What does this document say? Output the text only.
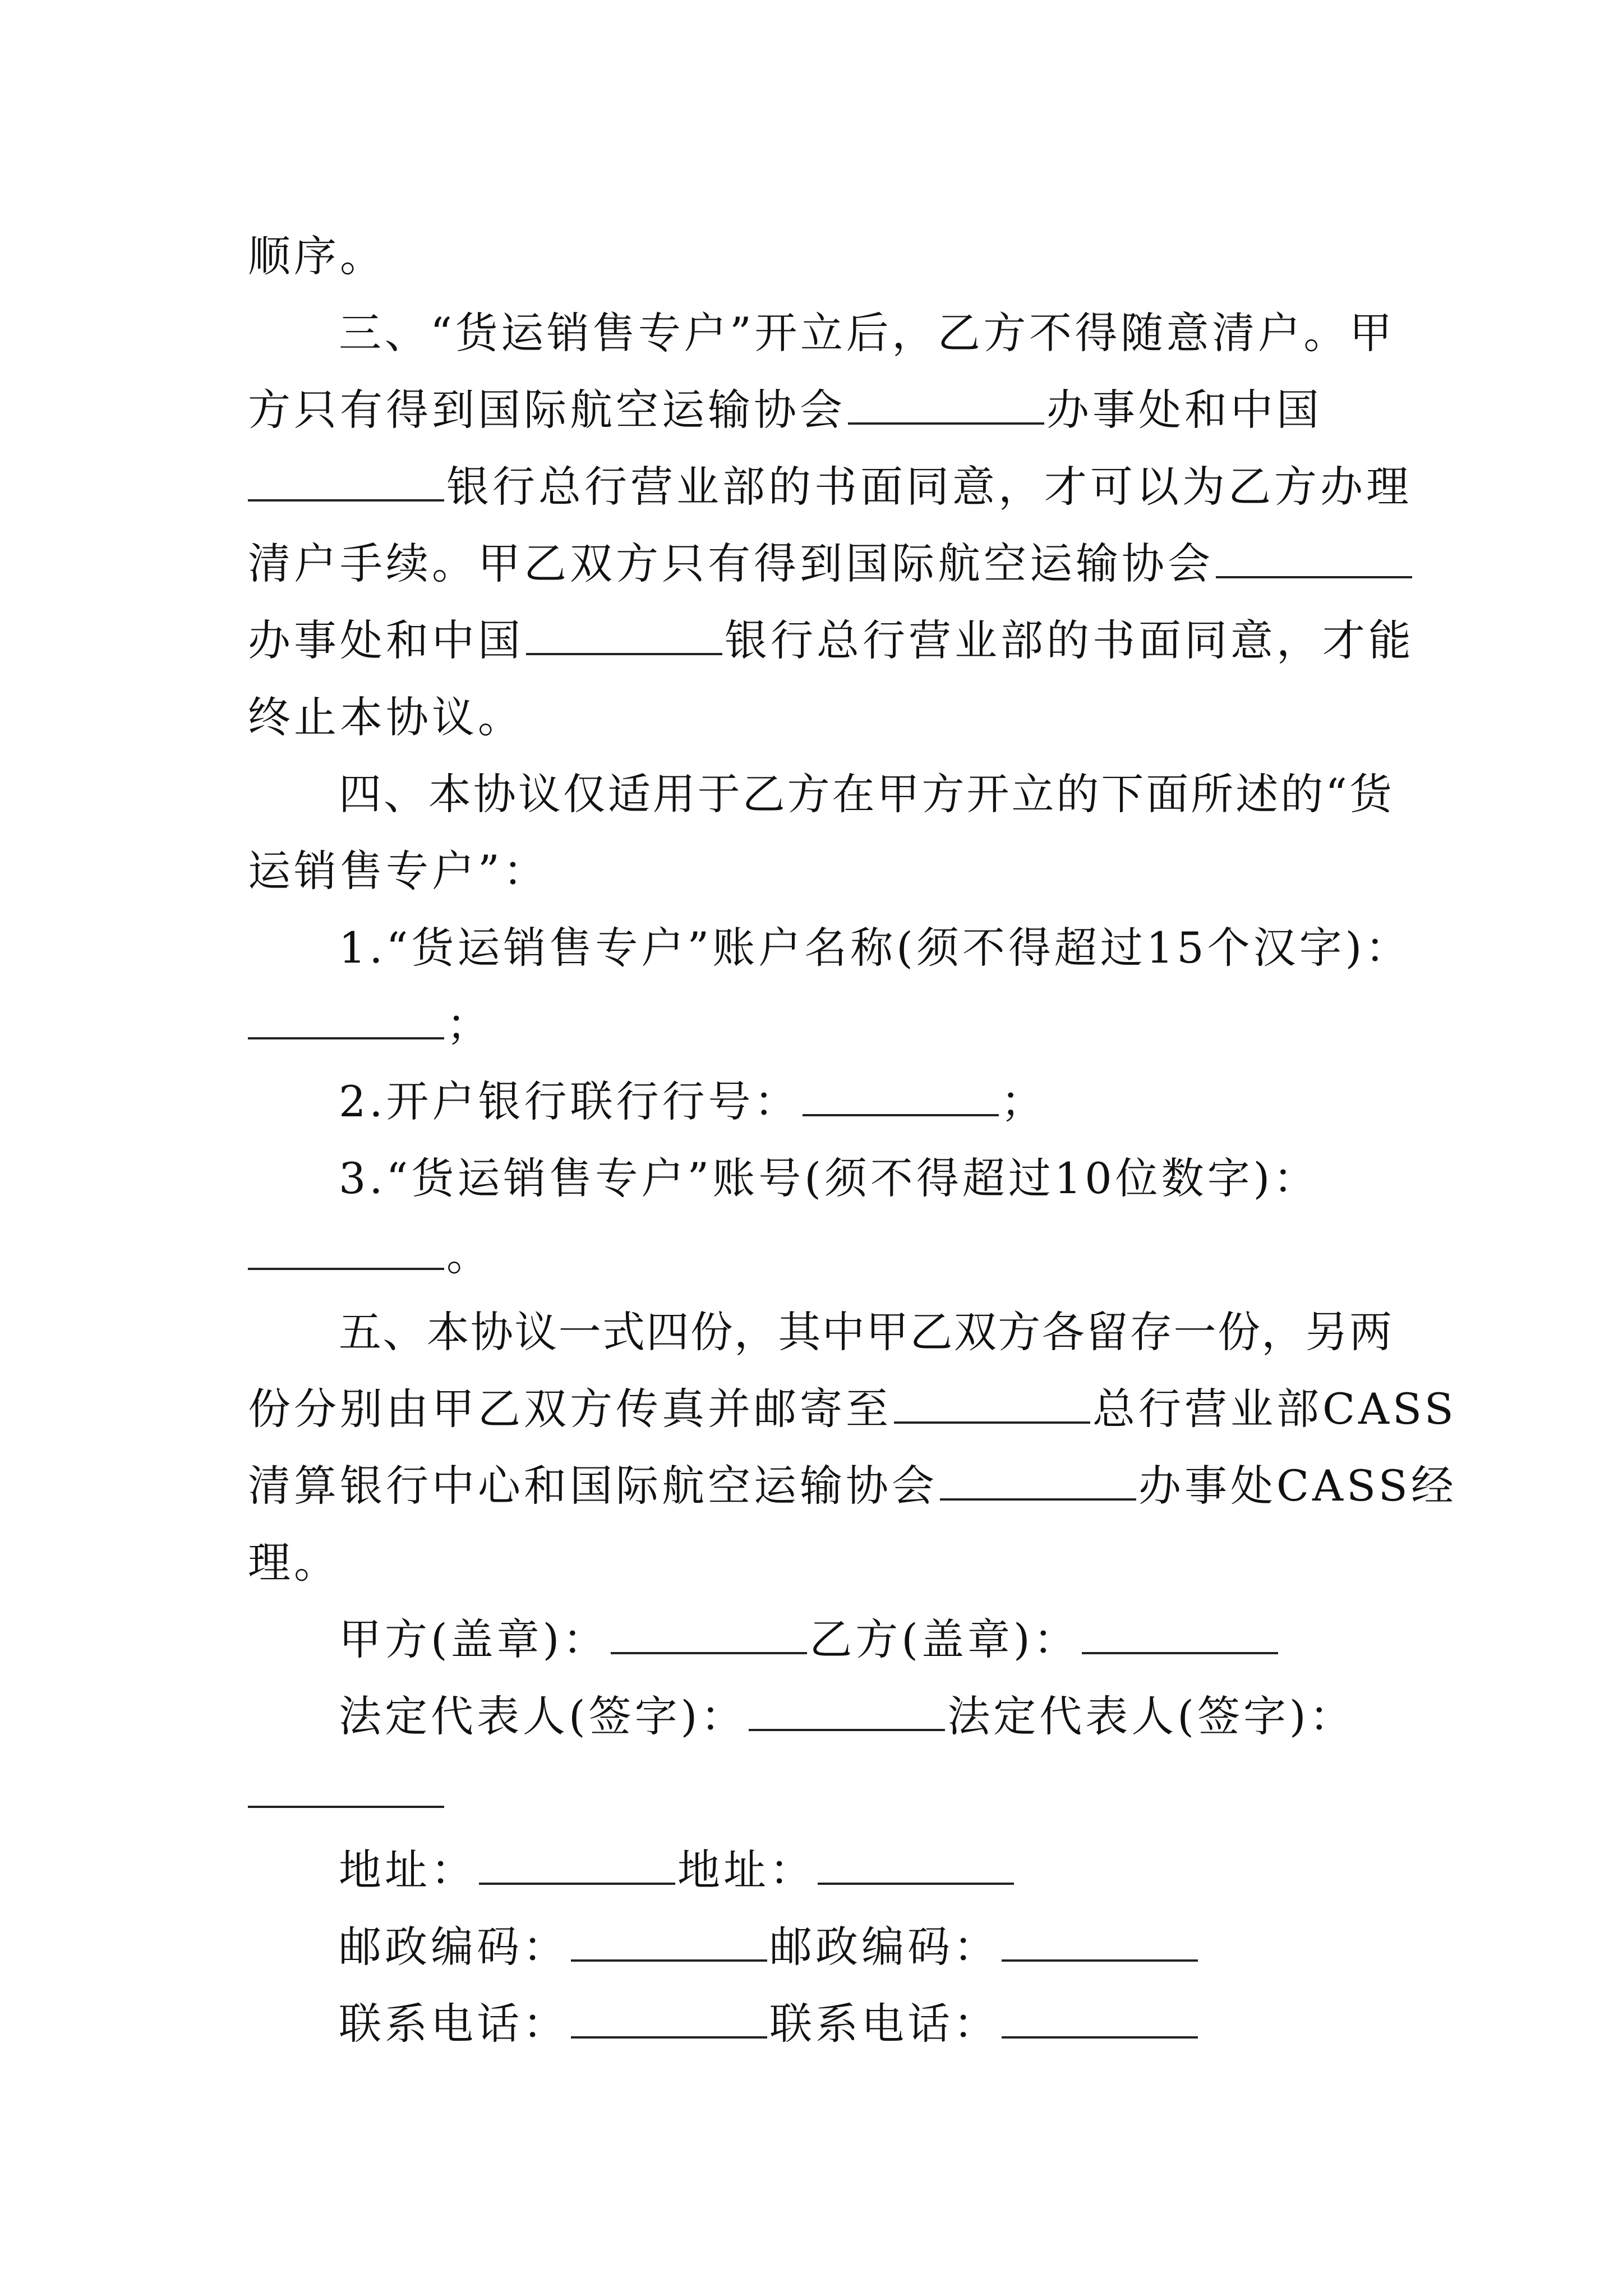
顺序。
三、“货运销售专户”开立后，乙方不得随意清户。甲
方只有得到国际航空运输协会	办事处和中国
银行总行营业部的书面同意，才可以为乙方办理
清户手续。甲乙双方只有得到国际航空运输协会
办事处和中国	银行总行营业部的书面同意，才能
终止本协议。
四、本协议仅适用于乙方在甲方开立的下面所述的“货
运销售专户”：
1.“货运销售专户”账户名称(须不得超过15个汉字)：
；
2.开户银行联行行号：	；
3.“货运销售专户”账号(须不得超过10位数字)：
。
五、本协议一式四份，其中甲乙双方各留存一份，另两
份分别由甲乙双方传真并邮寄至	总行营业部CASS
清算银行中心和国际航空运输协会	办事处CASS经
理。
甲方(盖章)：	乙方(盖章)：
法定代表人(签字)：	法定代表人(签字)：
地址：	地址：
邮政编码：	邮政编码：
联系电话：	联系电话：
